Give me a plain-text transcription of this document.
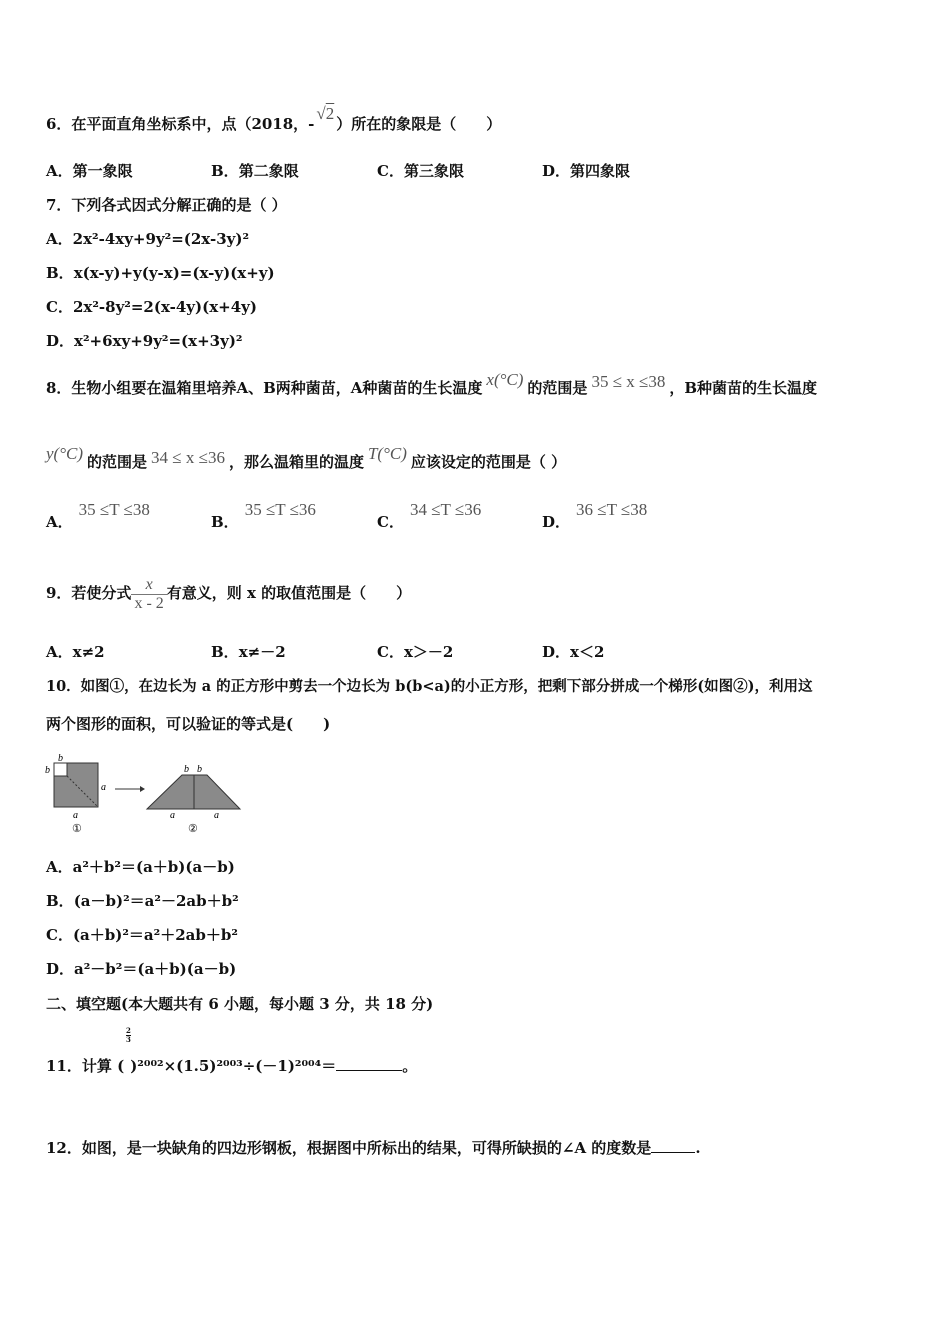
6．在平面直角坐标系中，点（2018，-√2）所在的象限是（　　）
A．第一象限	B．第二象限	C．第三象限	D．第四象限
7．下列各式因式分解正确的是（ ）
A．2x²-4xy+9y²=(2x-3y)²
B．x(x-y)+y(y-x)=(x-y)(x+y)
C．2x²-8y²=2(x-4y)(x+4y)
D．x²+6xy+9y²=(x+3y)²
8．生物小组要在温箱里培养A、B两种菌苗，A种菌苗的生长温度 x(°C) 的范围是 35 ≤ x ≤38 ，B种菌苗的生长温度
y(°C) 的范围是 34 ≤ x ≤36 ，那么温箱里的温度 T(°C) 应该设定的范围是（ ）
A．35 ≤T ≤38
B．35 ≤T ≤36
C．34 ≤T ≤36
D．36 ≤T ≤38
9．若使分式 $\frac{x}{x - 2}$ 有意义，则 x 的取值范围是（　　）
A．x≠2	B．x≠－2	C．x＞－2	D．x＜2
10．如图①，在边长为 a 的正方形中剪去一个边长为 b(b<a)的小正方形，把剩下部分拼成一个梯形(如图②)，利用这
两个图形的面积，可以验证的等式是(　　)
b
b
a
a
①
b b
a	a
②
A．a²＋b²＝(a＋b)(a－b)
B．(a－b)²＝a²－2ab＋b²
C．(a＋b)²＝a²＋2ab＋b²
D．a²－b²＝(a＋b)(a－b)
二、填空题(本大题共有 6 小题，每小题 3 分，共 18 分)
2
3
11．计算 ( )²⁰⁰²×(1.5)²⁰⁰³÷(－1)²⁰⁰⁴＝	。
12．如图，是一块缺角的四边形钢板，根据图中所标出的结果，可得所缺损的∠A 的度数是	.
